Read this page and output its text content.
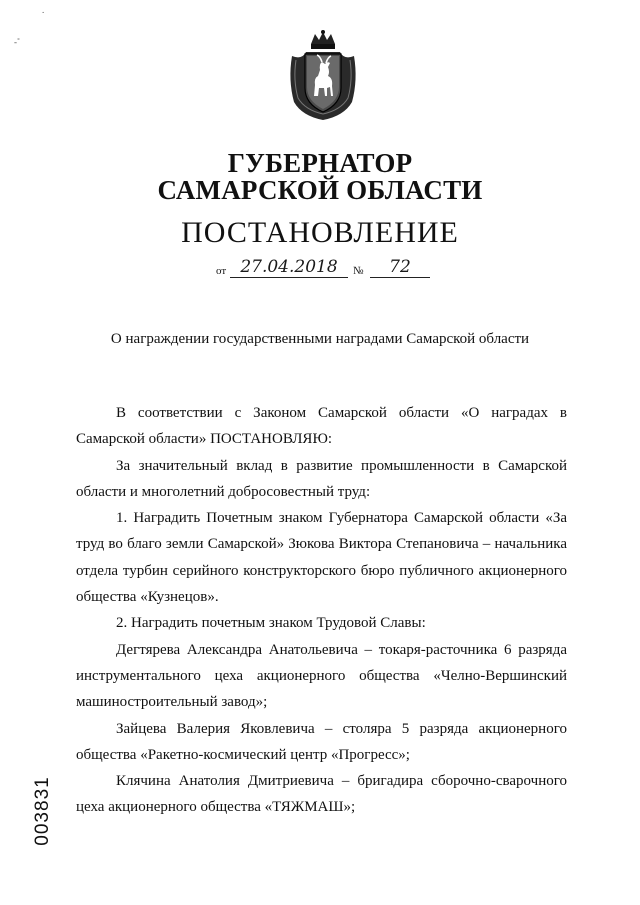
.
‐˚
ГУБЕРНАТОР
САМАРСКОЙ ОБЛАСТИ
ПОСТАНОВЛЕНИЕ
от 27.04.2018	№	72
О награждении государственными наградами Самарской области

В соответствии с Законом Самарской области «О наградах в Самарской области» ПОСТАНОВЛЯЮ:

За значительный вклад в развитие промышленности в Самарской области и многолетний добросовестный труд:

1. Наградить Почетным знаком Губернатора Самарской области «За труд во благо земли Самарской» Зюкова Виктора Степановича – начальника отдела турбин серийного конструкторского бюро публичного акционерного общества «Кузнецов».

2. Наградить почетным знаком Трудовой Славы:

Дегтярева Александра Анатольевича – токаря-расточника 6 разряда инструментального цеха акционерного общества «Челно-Вершинский машиностроительный завод»;

Зайцева Валерия Яковлевича – столяра 5 разряда акционерного общества «Ракетно-космический центр «Прогресс»;

Клячина Анатолия Дмитриевича – бригадира сборочно-сварочного цеха акционерного общества «ТЯЖМАШ»;

003831
